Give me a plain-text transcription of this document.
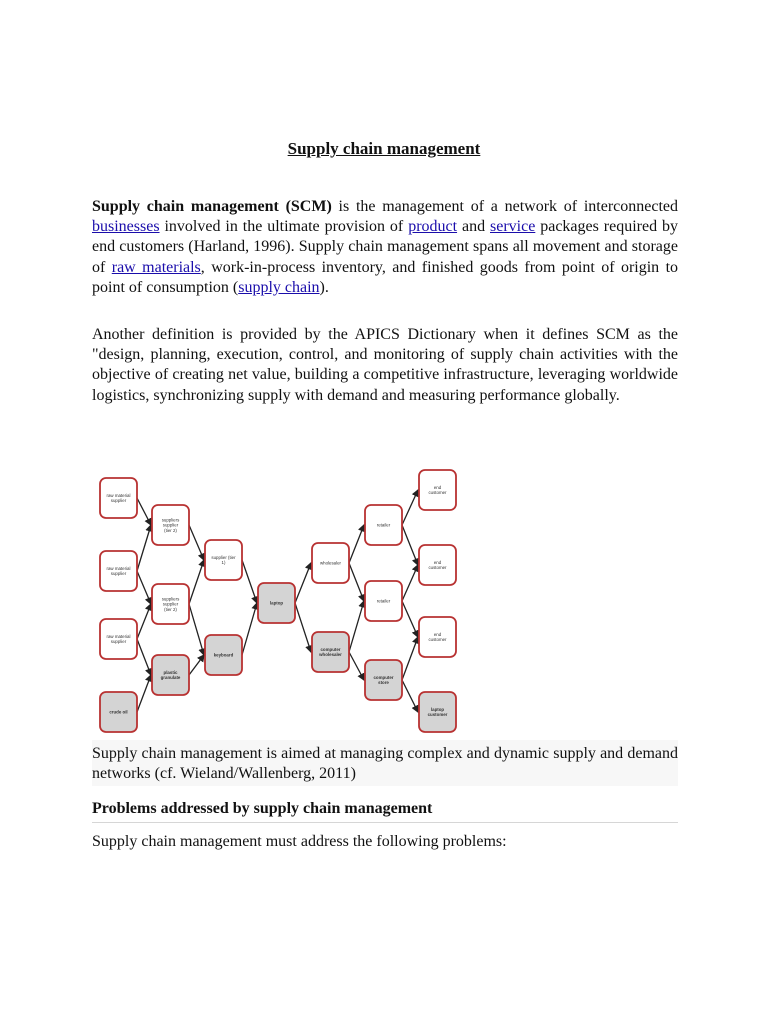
Supply chain management
Supply chain management (SCM) is the management of a network of interconnected businesses involved in the ultimate provision of product and service packages required by end customers (Harland, 1996). Supply chain management spans all movement and storage of raw materials, work-in-process inventory, and finished goods from point of origin to point of consumption (supply chain).
Another definition is provided by the APICS Dictionary when it defines SCM as the "design, planning, execution, control, and monitoring of supply chain activities with the objective of creating net value, building a competitive infrastructure, leveraging worldwide logistics, synchronizing supply with demand and measuring performance globally.
raw material
supplier
raw material
supplier
raw material
supplier
crude oil
suppliers
supplier
(tier 2)
suppliers
supplier
(tier 2)
plastic
granulate
supplier (tier
1)
keyboard
laptop
wholesaler
computer
wholesaler
retailer
retailer
computer
store
end
customer
end
customer
end
customer
laptop
customer
Supply chain management is aimed at managing complex and dynamic supply and demand networks (cf. Wieland/Wallenberg, 2011)
Problems addressed by supply chain management
Supply chain management must address the following problems:
